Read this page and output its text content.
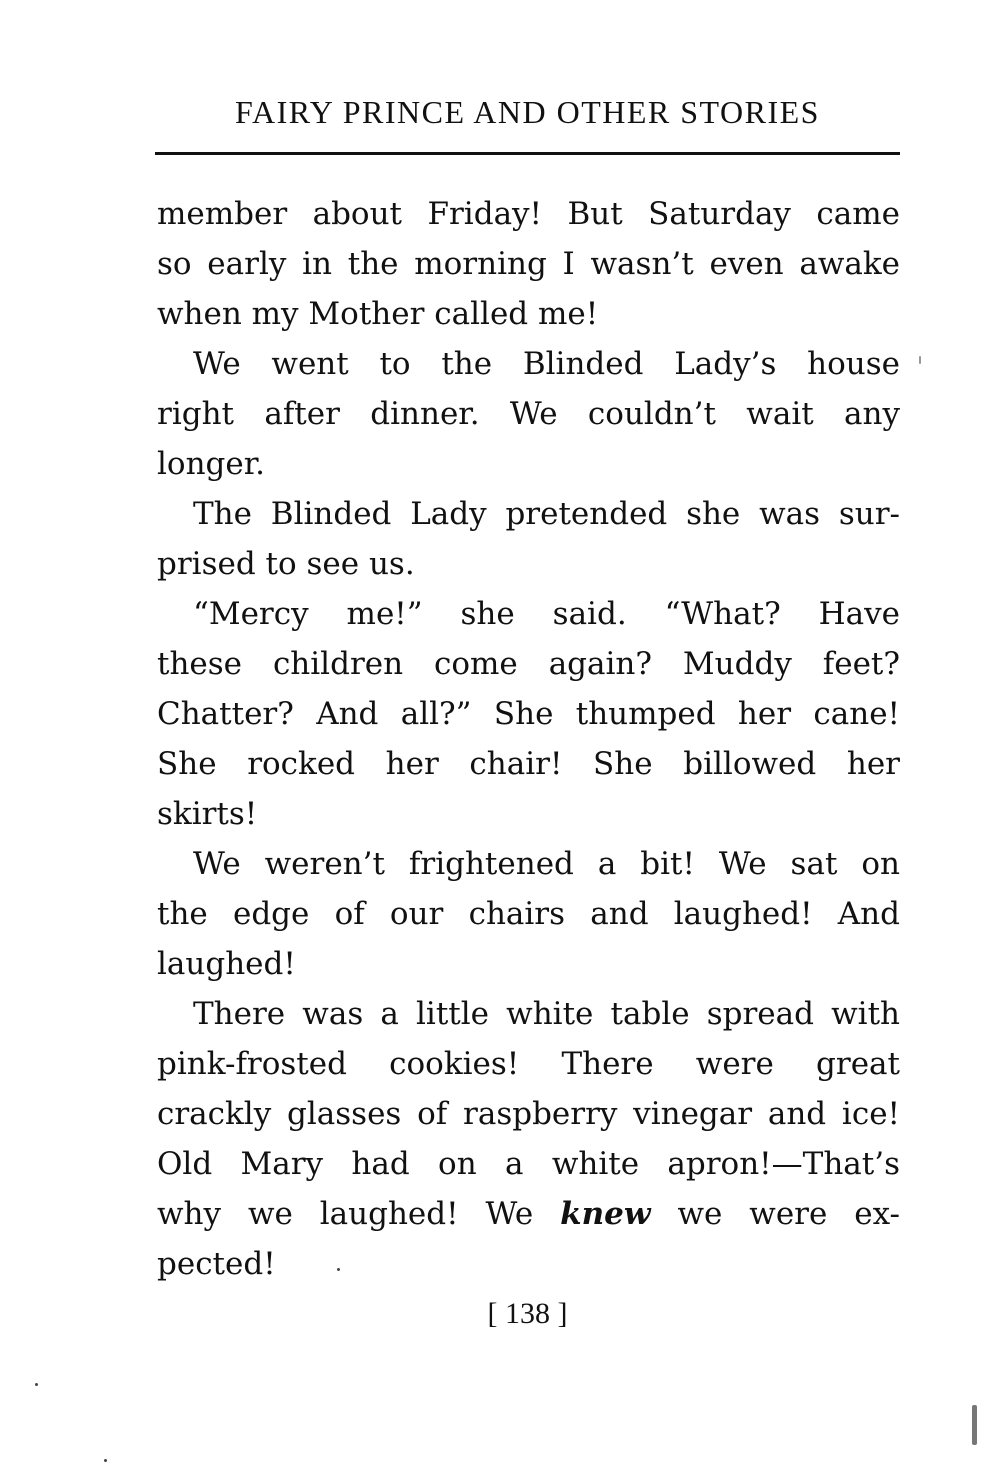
FAIRY PRINCE AND OTHER STORIES
member about Friday! But Saturday came
so early in the morning I wasn’t even awake
when my Mother called me!
We went to the Blinded Lady’s house
right after dinner. We couldn’t wait any
longer.
The Blinded Lady pretended she was sur-
prised to see us.
“Mercy me!” she said. “What? Have
these children come again? Muddy feet?
Chatter? And all?” She thumped her cane!
She rocked her chair! She billowed her
skirts!
We weren’t frightened a bit! We sat on
the edge of our chairs and laughed! And
laughed!
There was a little white table spread with
pink-frosted cookies! There were great
crackly glasses of raspberry vinegar and ice!
Old Mary had on a white apron!—That’s
why we laughed! We knew we were ex-
pected!
[ 138 ]
